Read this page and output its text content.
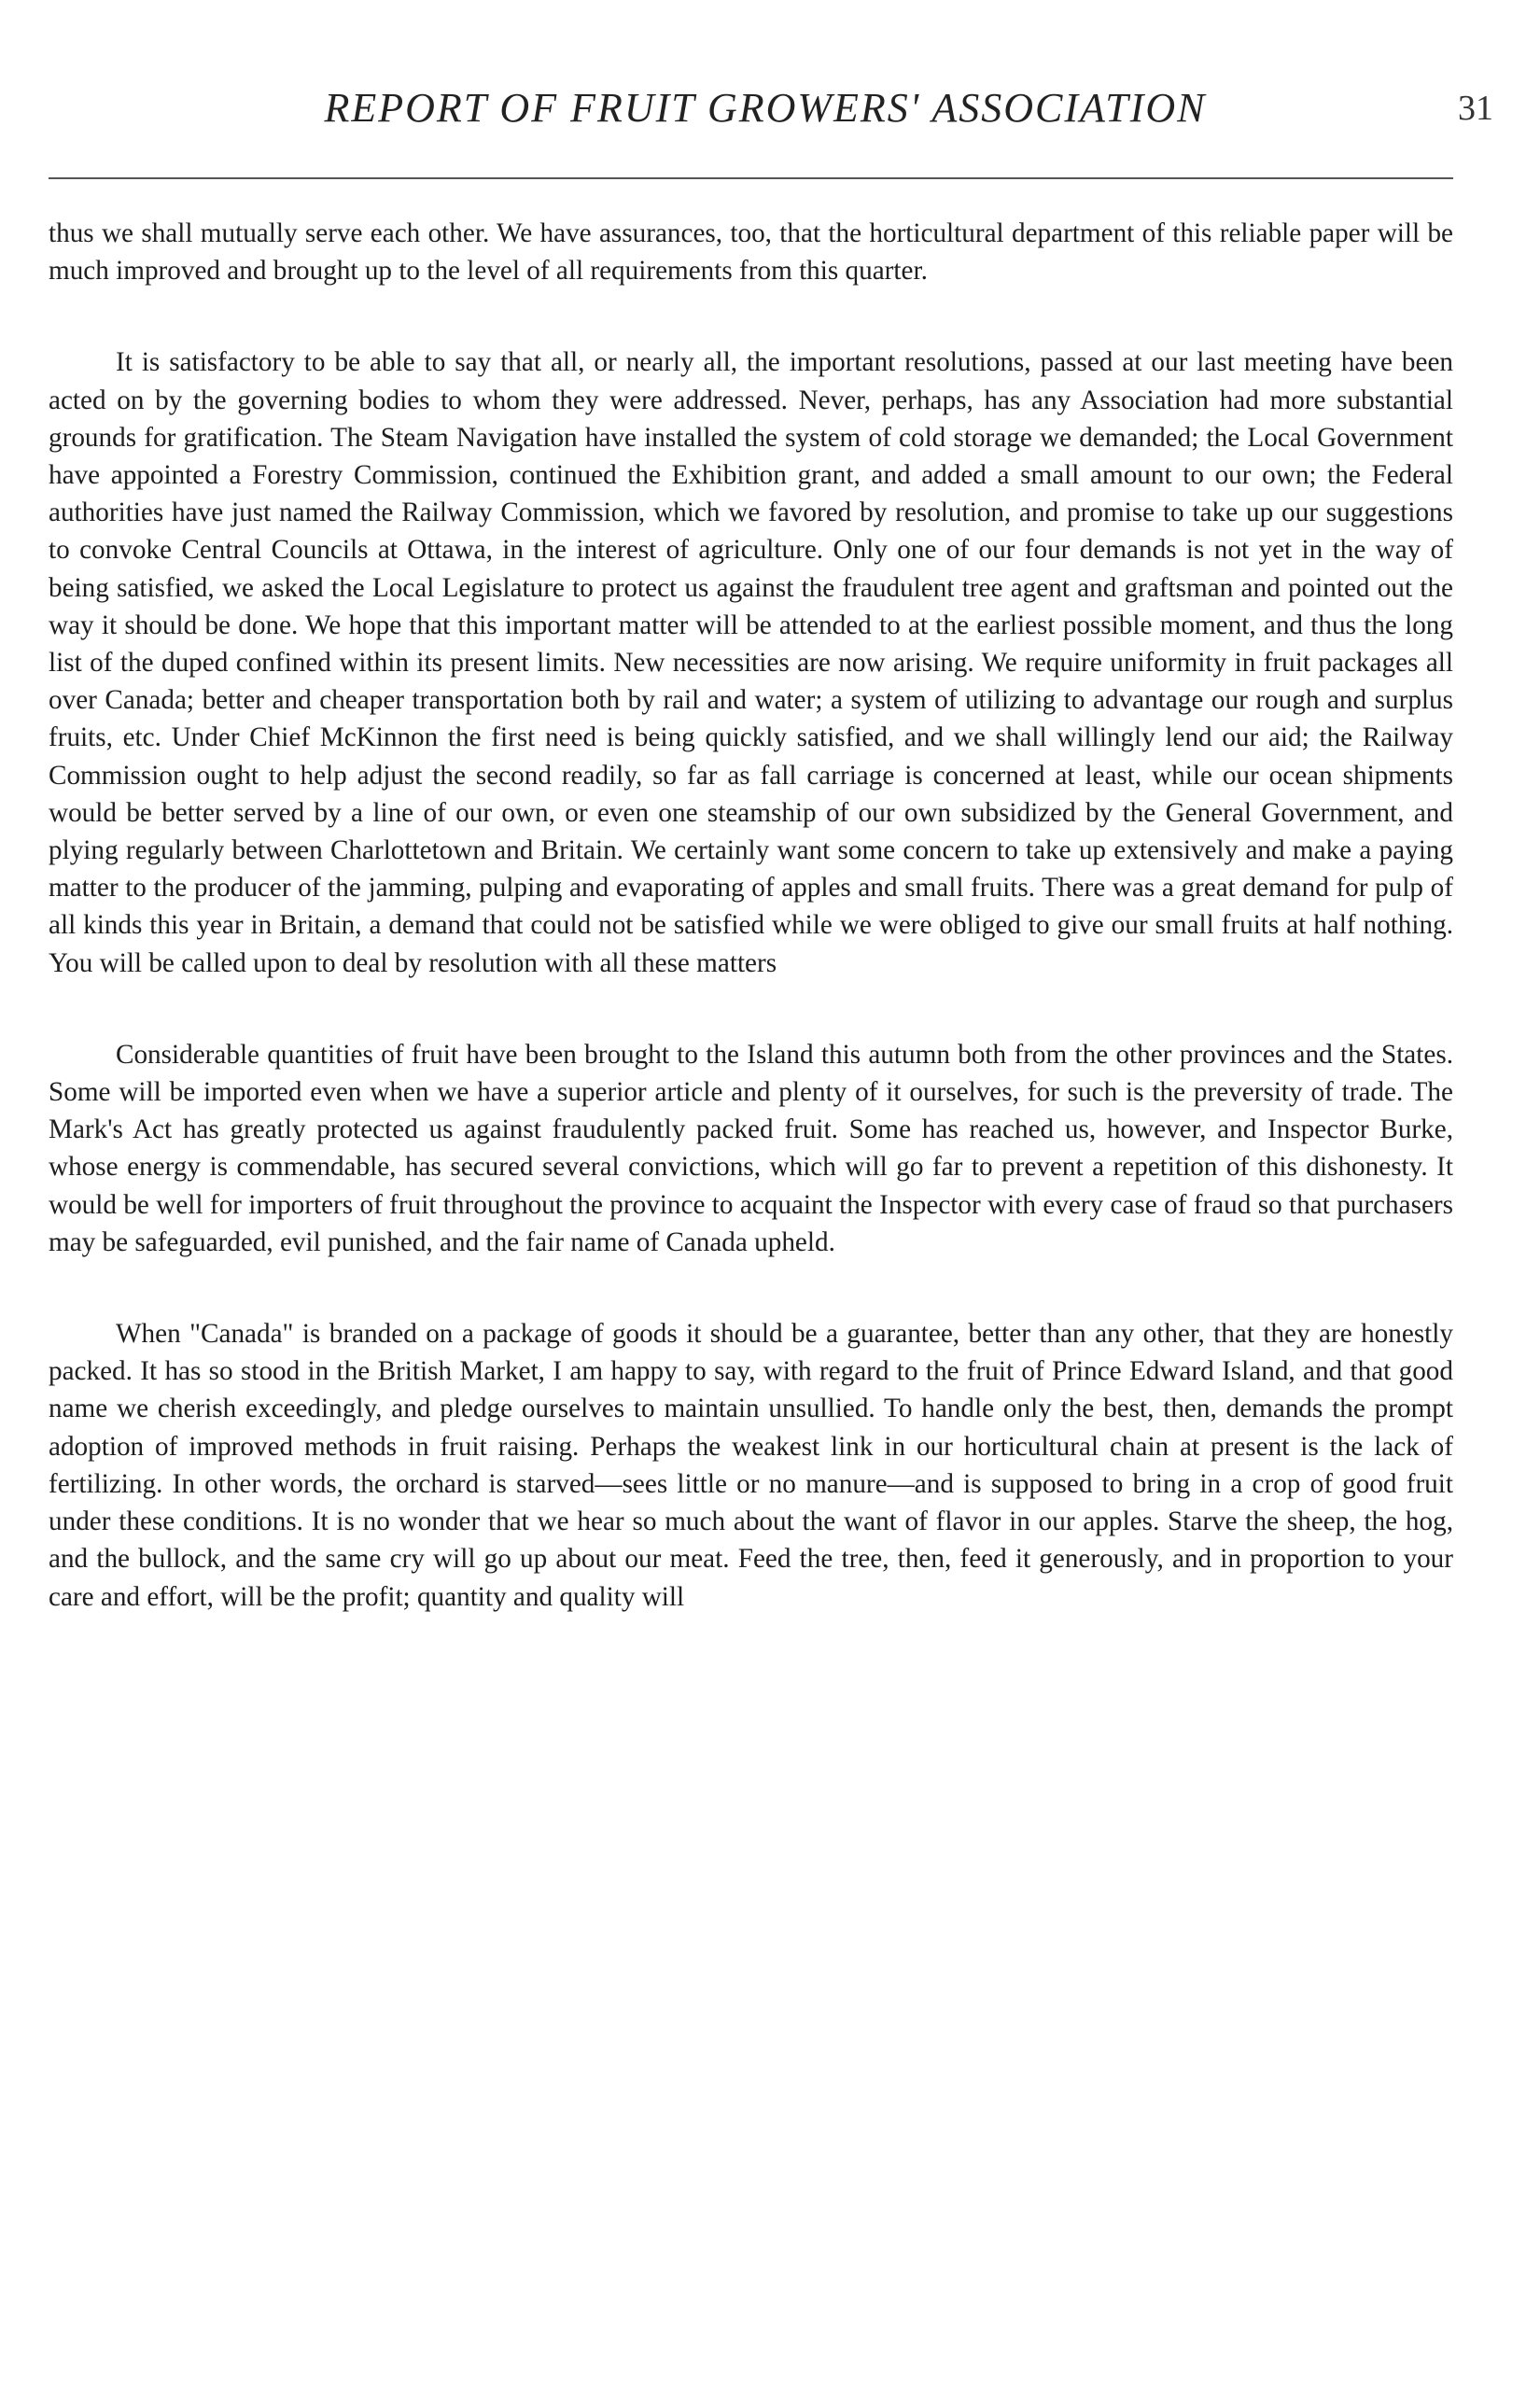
REPORT OF FRUIT GROWERS' ASSOCIATION	31

thus we shall mutually serve each other. We have assurances, too, that the horticultural department of this reliable paper will be much improved and brought up to the level of all requirements from this quarter.

It is satisfactory to be able to say that all, or nearly all, the important resolutions, passed at our last meeting have been acted on by the governing bodies to whom they were addressed. Never, perhaps, has any Association had more substantial grounds for gratification. The Steam Navigation have installed the system of cold storage we demanded; the Local Government have appointed a Forestry Commission, continued the Exhibition grant, and added a small amount to our own; the Federal authorities have just named the Railway Commission, which we favored by resolution, and promise to take up our suggestions to convoke Central Councils at Ottawa, in the interest of agriculture. Only one of our four demands is not yet in the way of being satisfied, we asked the Local Legislature to protect us against the fraudulent tree agent and graftsman and pointed out the way it should be done. We hope that this important matter will be attended to at the earliest possible moment, and thus the long list of the duped confined within its present limits. New necessities are now arising. We require uniformity in fruit packages all over Canada; better and cheaper transportation both by rail and water; a system of utilizing to advantage our rough and surplus fruits, etc. Under Chief McKinnon the first need is being quickly satisfied, and we shall willingly lend our aid; the Railway Commission ought to help adjust the second readily, so far as fall carriage is concerned at least, while our ocean shipments would be better served by a line of our own, or even one steamship of our own subsidized by the General Government, and plying regularly between Charlottetown and Britain. We certainly want some concern to take up extensively and make a paying matter to the producer of the jamming, pulping and evaporating of apples and small fruits. There was a great demand for pulp of all kinds this year in Britain, a demand that could not be satisfied while we were obliged to give our small fruits at half nothing. You will be called upon to deal by resolution with all these matters

Considerable quantities of fruit have been brought to the Island this autumn both from the other provinces and the States. Some will be imported even when we have a superior article and plenty of it ourselves, for such is the preversity of trade. The Mark's Act has greatly protected us against fraudulently packed fruit. Some has reached us, however, and Inspector Burke, whose energy is commendable, has secured several convictions, which will go far to prevent a repetition of this dishonesty. It would be well for importers of fruit throughout the province to acquaint the Inspector with every case of fraud so that purchasers may be safeguarded, evil punished, and the fair name of Canada upheld.

When "Canada" is branded on a package of goods it should be a guarantee, better than any other, that they are honestly packed. It has so stood in the British Market, I am happy to say, with regard to the fruit of Prince Edward Island, and that good name we cherish exceedingly, and pledge ourselves to maintain unsullied. To handle only the best, then, demands the prompt adoption of improved methods in fruit raising. Perhaps the weakest link in our horticultural chain at present is the lack of fertilizing. In other words, the orchard is starved—sees little or no manure—and is supposed to bring in a crop of good fruit under these conditions. It is no wonder that we hear so much about the want of flavor in our apples. Starve the sheep, the hog, and the bullock, and the same cry will go up about our meat. Feed the tree, then, feed it generously, and in proportion to your care and effort, will be the profit; quantity and quality will
